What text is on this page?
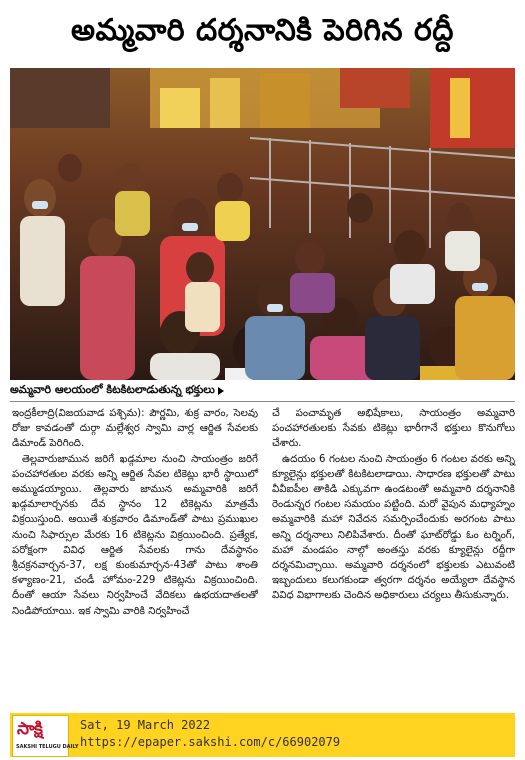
అమ్మవారి దర్శనానికి పెరిగిన రద్దీ
అమ్మవారి ఆలయంలో కిటకిటలాడుతున్న భక్తులు

ఇంద్రకీలాద్రి(విజయవాడ పశ్చిమ): పౌర్ణమి, శుక్ర వారం, సెలవు రోజు కావడంతో దుర్గా మల్లేశ్వర స్వామి వార్ల ఆర్జిత సేవలకు డిమాండ్ పెరిగింది.

తెల్లవారుజామున జరిగే ఖడ్గమాల నుంచి సాయంత్రం జరిగే పంచహారతుల వరకు అన్ని ఆర్జిత సేవల టికెట్లు భారీ స్థాయిలో అమ్ముడయ్యాయి. తెల్లవారు జామున అమ్మవారికి జరిగే ఖడ్గమాలార్చనకు దేవ స్థానం 12 టికెట్లను మాత్రమే విక్రయిస్తుంది. అయితే శుక్రవారం డిమాండ్‌తో పాటు ప్రముఖుల నుంచి సిఫార్సుల మేరకు 16 టికెట్లను విక్రయించింది. ప్రత్యేక, పరోక్షంగా వివిధ ఆర్జిత సేవలకు గాను దేవస్థానం శ్రీచక్రనవార్చన-37, లక్ష కుంకుమార్చన-43తో పాటు శాంతి కళ్యాణం-21, చండీ హోమం-229 టికెట్లను విక్రయించింది. దీంతో ఆయా సేవలు నిర్వహించే వేదికలు ఉభయదాతలతో నిండిపోయాయి. ఇక స్వామి వారికి నిర్వహించే

చే పంచామృత అభిషేకాలు, సాయంత్రం అమ్మవారి పంచహారతులకు సేవకు టికెట్లు భారీగానే భక్తులు కొనుగోలు చేశారు.

ఉదయం 6 గంటల నుంచి సాయంత్రం 6 గంటల వరకు అన్ని క్యూలైన్లు భక్తులతో కిటకిటలాడాయి. సాధారణ భక్తులతో పాటు వీవీఐపీల తాకిడి ఎక్కువగా ఉండటంతో అమ్మవారి దర్శనానికి రెండున్నర గంటల సమయం పట్టింది. మరో వైపున మధ్యాహ్నం అమ్మవారికి మహా నివేదన సమర్పించేందుకు అరగంట పాటు అన్ని దర్శనాలు నిలిపివేశారు. దీంతో ఘాట్‌రోడ్డు ఓం టర్నింగ్, మహా మండపం నాల్గో అంతస్తు వరకు క్యూలైన్లు రద్దీగా దర్శనమిచ్చాయి. అమ్మవారి దర్శనంలో భక్తులకు ఎటువంటి ఇబ్బందులు కలుగకుండా త్వరగా దర్శనం అయ్యేలా దేవస్థాన వివిధ విభాగాలకు చెందిన అధికారులు చర్యలు తీసుకున్నారు.

సాక్షి
SAKSHI TELUGU DAILY
Sat, 19 March 2022
https://epaper.sakshi.com/c/66902079
